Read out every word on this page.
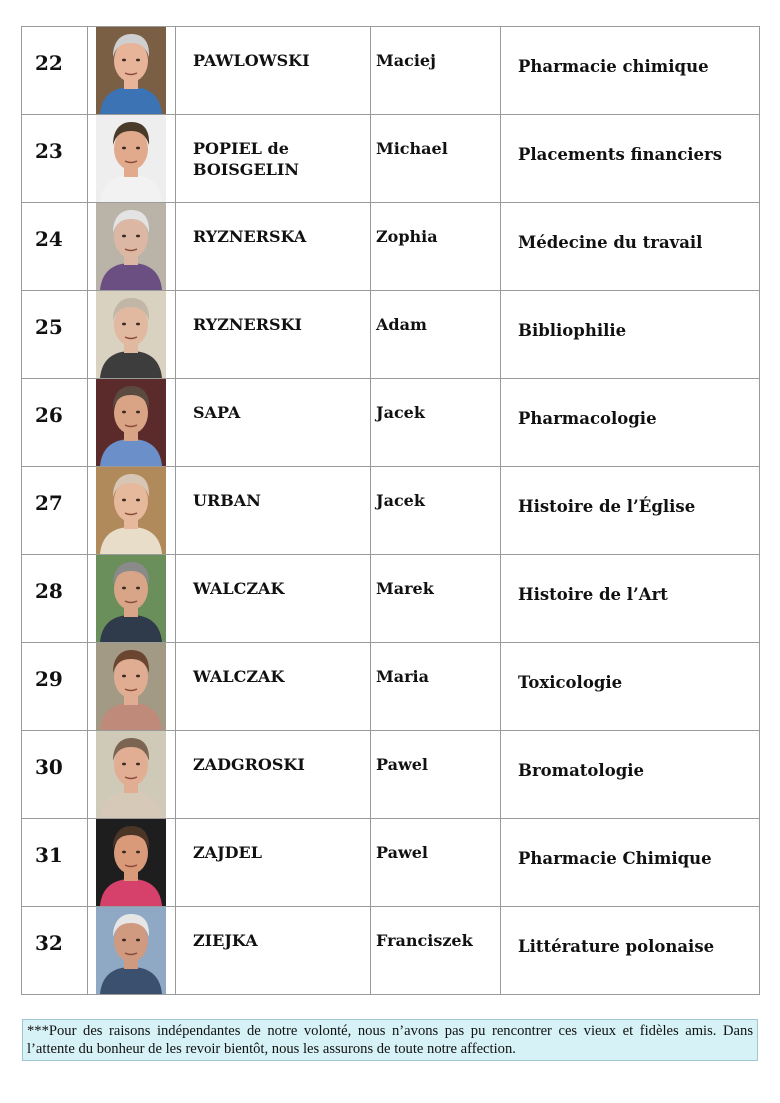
22		PAWLOWSKI	Maciej	Pharmacie chimique

23		POPIEL de BOISGELIN	Michael	Placements financiers

24		RYZNERSKA	Zophia	Médecine du travail

25		RYZNERSKI	Adam	Bibliophilie

26		SAPA	Jacek	Pharmacologie

27		URBAN	Jacek	Histoire de l’Église

28		WALCZAK	Marek	Histoire de l’Art

29		WALCZAK	Maria	Toxicologie

30		ZADGROSKI	Pawel	Bromatologie

31		ZAJDEL	Pawel	Pharmacie Chimique

32		ZIEJKA	Franciszek	Littérature polonaise
***Pour des raisons indépendantes de notre volonté, nous n’avons pas pu rencontrer ces vieux et fidèles amis. Dans l’attente du bonheur de les revoir bientôt, nous les assurons de toute notre affection.
